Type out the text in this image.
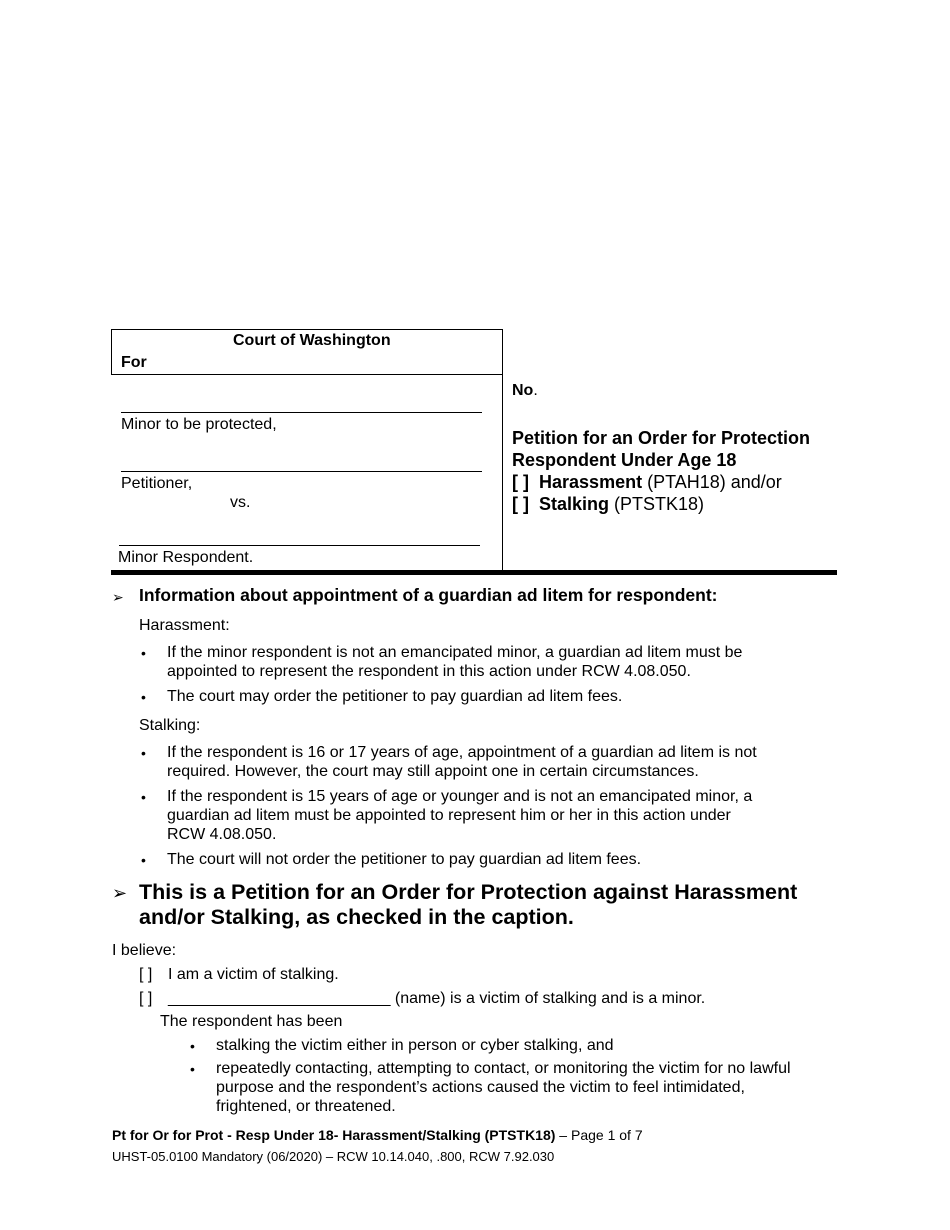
Court of Washington
For
Minor to be protected,
Petitioner,
vs.
Minor Respondent.
No.
Petition for an Order for Protection
Respondent Under Age 18
[ ] Harassment (PTAH18) and/or
[ ] Stalking (PTSTK18)
➢ Information about appointment of a guardian ad litem for respondent:
Harassment:
• If the minor respondent is not an emancipated minor, a guardian ad litem must be
appointed to represent the respondent in this action under RCW 4.08.050.
• The court may order the petitioner to pay guardian ad litem fees.
Stalking:
• If the respondent is 16 or 17 years of age, appointment of a guardian ad litem is not
required. However, the court may still appoint one in certain circumstances.
• If the respondent is 15 years of age or younger and is not an emancipated minor, a
guardian ad litem must be appointed to represent him or her in this action under
RCW 4.08.050.
• The court will not order the petitioner to pay guardian ad litem fees.
➢ This is a Petition for an Order for Protection against Harassment
and/or Stalking, as checked in the caption.
I believe:
[ ] I am a victim of stalking.
[ ] _________________________ (name) is a victim of stalking and is a minor.
The respondent has been
• stalking the victim either in person or cyber stalking, and
• repeatedly contacting, attempting to contact, or monitoring the victim for no lawful
purpose and the respondent’s actions caused the victim to feel intimidated,
frightened, or threatened.
Pt for Or for Prot - Resp Under 18- Harassment/Stalking (PTSTK18) – Page 1 of 7
UHST-05.0100 Mandatory (06/2020) – RCW 10.14.040, .800, RCW 7.92.030
